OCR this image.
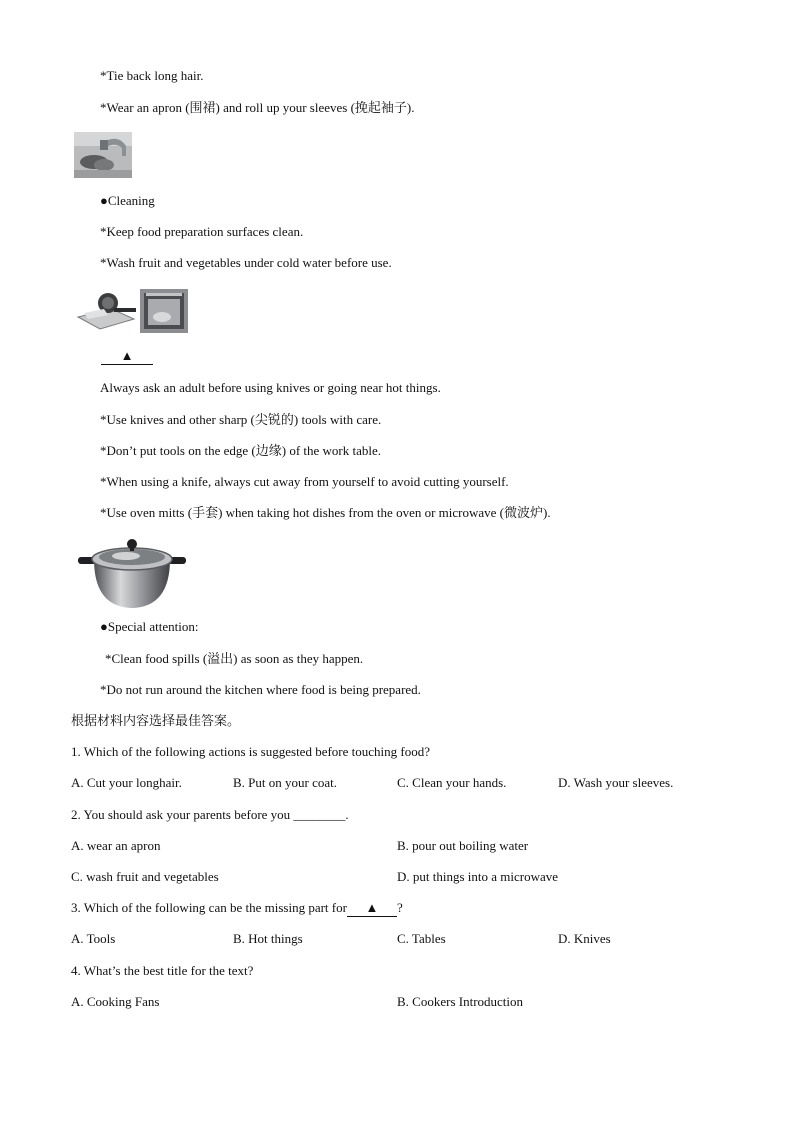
*Tie back long hair.
*Wear an apron (围裙) and roll up your sleeves (挽起袖子).
●Cleaning
*Keep food preparation surfaces clean.
*Wash fruit and vegetables under cold water before use.
▲
Always ask an adult before using knives or going near hot things.
*Use knives and other sharp (尖锐的) tools with care.
*Don’t put tools on the edge (边缘) of the work table.
*When using a knife, always cut away from yourself to avoid cutting yourself.
*Use oven mitts (手套) when taking hot dishes from the oven or microwave (微波炉).
●Special attention:
*Clean food spills (溢出) as soon as they happen.
*Do not run around the kitchen where food is being prepared.
根据材料内容选择最佳答案。
1. Which of the following actions is suggested before touching food?
A. Cut your longhair.	B. Put on your coat.	C. Clean your hands.	D. Wash your sleeves.
2. You should ask your parents before you ________.
A. wear an apron	B. pour out boiling water
C. wash fruit and vegetables	D. put things into a microwave
3. Which of the following can be the missing part for ▲ ?
A. Tools	B. Hot things	C. Tables	D. Knives
4. What’s the best title for the text?
A. Cooking Fans	B. Cookers Introduction
